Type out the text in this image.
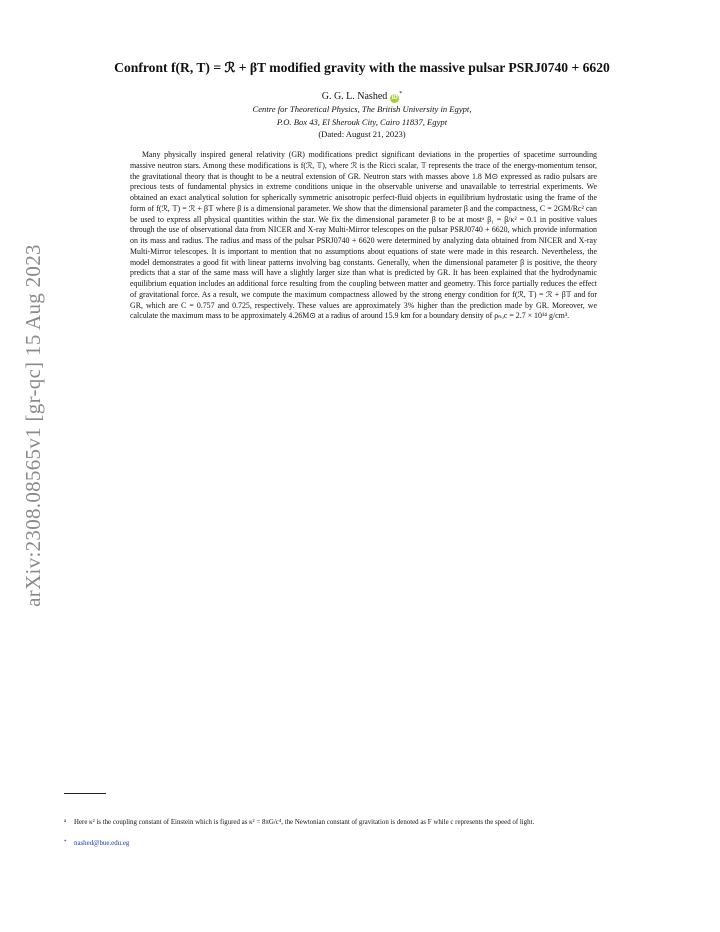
arXiv:2308.08565v1 [gr-qc] 15 Aug 2023
Confront f(R, T) = ℛ + βT modified gravity with the massive pulsar PSRJ0740 + 6620
G. G. L. Nashed iD*
Centre for Theoretical Physics, The British University in Egypt,
P.O. Box 43, El Sherouk City, Cairo 11837, Egypt
(Dated: August 21, 2023)

Many physically inspired general relativity (GR) modifications predict significant deviations in the properties of spacetime surrounding massive neutron stars. Among these modifications is f(ℛ, 𝕋), where ℛ is the Ricci scalar, 𝕋 represents the trace of the energy-momentum tensor, the gravitational theory that is thought to be a neutral extension of GR. Neutron stars with masses above 1.8 M⊙ expressed as radio pulsars are precious tests of fundamental physics in extreme conditions unique in the observable universe and unavailable to terrestrial experiments. We obtained an exact analytical solution for spherically symmetric anisotropic perfect-fluid objects in equilibrium hydrostatic using the frame of the form of f(ℛ, 𝕋) = ℛ + β𝕋 where β is a dimensional parameter. We show that the dimensional parameter β and the compactness, C = 2GM/Rc² can be used to express all physical quantities within the star. We fix the dimensional parameter β to be at mostᵃ β₁ = β/κ² = 0.1 in positive values through the use of observational data from NICER and X-ray Multi-Mirror telescopes on the pulsar PSRJ0740 + 6620, which provide information on its mass and radius. The radius and mass of the pulsar PSRJ0740 + 6620 were determined by analyzing data obtained from NICER and X-ray Multi-Mirror telescopes. It is important to mention that no assumptions about equations of state were made in this research. Nevertheless, the model demonstrates a good fit with linear patterns involving bag constants. Generally, when the dimensional parameter β is positive, the theory predicts that a star of the same mass will have a slightly larger size than what is predicted by GR. It has been explained that the hydrodynamic equilibrium equation includes an additional force resulting from the coupling between matter and geometry. This force partially reduces the effect of gravitational force. As a result, we compute the maximum compactness allowed by the strong energy condition for f(ℛ, 𝕋) = ℛ + β𝕋 and for GR, which are C = 0.757 and 0.725, respectively. These values are approximately 3% higher than the prediction made by GR. Moreover, we calculate the maximum mass to be approximately 4.26M⊙ at a radius of around 15.9 km for a boundary density of ρₙᵤc = 2.7 × 10¹⁴ g/cm³.

a Here κ² is the coupling constant of Einstein which is figured as κ² = 8πG/c⁴, the Newtonian constant of gravitation is denoted as F while c represents the speed of light.
* nashed@bue.edu.eg
